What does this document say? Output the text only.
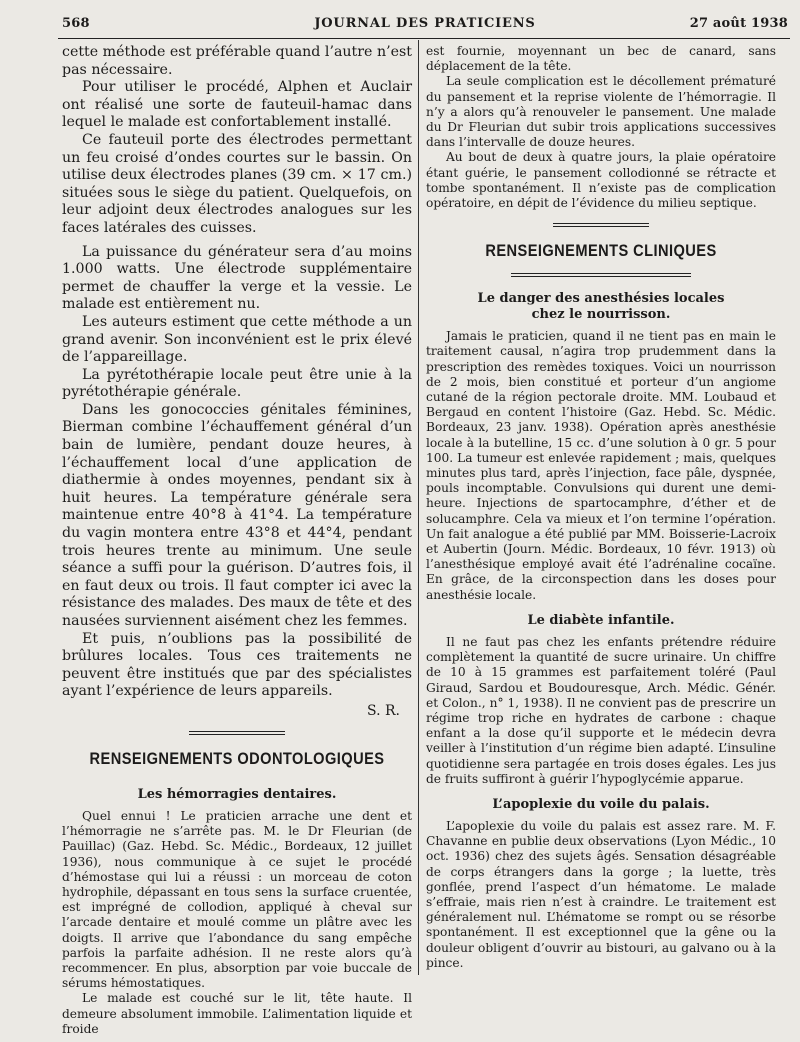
568	JOURNAL DES PRATICIENS	27 août 1938

cette méthode est préférable quand l’autre n’est pas nécessaire.

Pour utiliser le procédé, Alphen et Auclair ont réalisé une sorte de fauteuil-hamac dans lequel le malade est confortablement installé.

Ce fauteuil porte des électrodes permettant un feu croisé d’ondes courtes sur le bassin. On utilise deux électrodes planes (39 cm. × 17 cm.) situées sous le siège du patient. Quelquefois, on leur adjoint deux électrodes analogues sur les faces latérales des cuisses.

La puissance du générateur sera d’au moins 1.000 watts. Une électrode supplémentaire permet de chauffer la verge et la vessie. Le malade est entièrement nu.

Les auteurs estiment que cette méthode a un grand avenir. Son inconvénient est le prix élevé de l’appareillage.

La pyrétothérapie locale peut être unie à la pyrétothérapie générale.

Dans les gonococcies génitales féminines, Bierman combine l’échauffement général d’un bain de lumière, pendant douze heures, à l’échauffement local d’une application de diathermie à ondes moyennes, pendant six à huit heures. La température générale sera maintenue entre 40°8 à 41°4. La température du vagin montera entre 43°8 et 44°4, pendant trois heures trente au minimum. Une seule séance a suffi pour la guérison. D’autres fois, il en faut deux ou trois. Il faut compter ici avec la résistance des malades. Des maux de tête et des nausées surviennent aisément chez les femmes.

Et puis, n’oublions pas la possibilité de brûlures locales. Tous ces traitements ne peuvent être institués que par des spécialistes ayant l’expérience de leurs appareils.

S. R.
RENSEIGNEMENTS ODONTOLOGIQUES
Les hémorragies dentaires.

Quel ennui ! Le praticien arrache une dent et l’hémorragie ne s’arrête pas. M. le Dr Fleurian (de Pauillac) (Gaz. Hebd. Sc. Médic., Bordeaux, 12 juillet 1936), nous communique à ce sujet le procédé d’hémostase qui lui a réussi : un morceau de coton hydrophile, dépassant en tous sens la surface cruentée, est imprégné de collodion, appliqué à cheval sur l’arcade dentaire et moulé comme un plâtre avec les doigts. Il arrive que l’abondance du sang empêche parfois la parfaite adhésion. Il ne reste alors qu’à recommencer. En plus, absorption par voie buccale de sérums hémostatiques.

Le malade est couché sur le lit, tête haute. Il demeure absolument immobile. L’alimentation liquide et froide

est fournie, moyennant un bec de canard, sans déplacement de la tête.

La seule complication est le décollement prématuré du pansement et la reprise violente de l’hémorragie. Il n’y a alors qu’à renouveler le pansement. Une malade du Dr Fleurian dut subir trois applications successives dans l’intervalle de douze heures.

Au bout de deux à quatre jours, la plaie opératoire étant guérie, le pansement collodionné se rétracte et tombe spontanément. Il n’existe pas de complication opératoire, en dépit de l’évidence du milieu septique.

RENSEIGNEMENTS CLINIQUES
Le danger des anesthésies locales
chez le nourrisson.

Jamais le praticien, quand il ne tient pas en main le traitement causal, n’agira trop prudemment dans la prescription des remèdes toxiques. Voici un nourrisson de 2 mois, bien constitué et porteur d’un angiome cutané de la région pectorale droite. MM. Loubaud et Bergaud en content l’histoire (Gaz. Hebd. Sc. Médic. Bordeaux, 23 janv. 1938). Opération après anesthésie locale à la butelline, 15 cc. d’une solution à 0 gr. 5 pour 100. La tumeur est enlevée rapidement ; mais, quelques minutes plus tard, après l’injection, face pâle, dyspnée, pouls incomptable. Convulsions qui durent une demi-heure. Injections de spartocamphre, d’éther et de solucamphre. Cela va mieux et l’on termine l’opération. Un fait analogue a été publié par MM. Boisserie-Lacroix et Aubertin (Journ. Médic. Bordeaux, 10 févr. 1913) où l’anesthésique employé avait été l’adrénaline cocaïne. En grâce, de la circonspection dans les doses pour anesthésie locale.

Le diabète infantile.

Il ne faut pas chez les enfants prétendre réduire complètement la quantité de sucre urinaire. Un chiffre de 10 à 15 grammes est parfaitement toléré (Paul Giraud, Sardou et Boudouresque, Arch. Médic. Génér. et Colon., n° 1, 1938). Il ne convient pas de prescrire un régime trop riche en hydrates de carbone : chaque enfant a la dose qu’il supporte et le médecin devra veiller à l’institution d’un régime bien adapté. L’insuline quotidienne sera partagée en trois doses égales. Les jus de fruits suffiront à guérir l’hypoglycémie apparue.

L’apoplexie du voile du palais.

L’apoplexie du voile du palais est assez rare. M. F. Chavanne en publie deux observations (Lyon Médic., 10 oct. 1936) chez des sujets âgés. Sensation désagréable de corps étrangers dans la gorge ; la luette, très gonflée, prend l’aspect d’un hématome. Le malade s’effraie, mais rien n’est à craindre. Le traitement est généralement nul. L’hématome se rompt ou se résorbe spontanément. Il est exceptionnel que la gêne ou la douleur obligent d’ouvrir au bistouri, au galvano ou à la pince.
